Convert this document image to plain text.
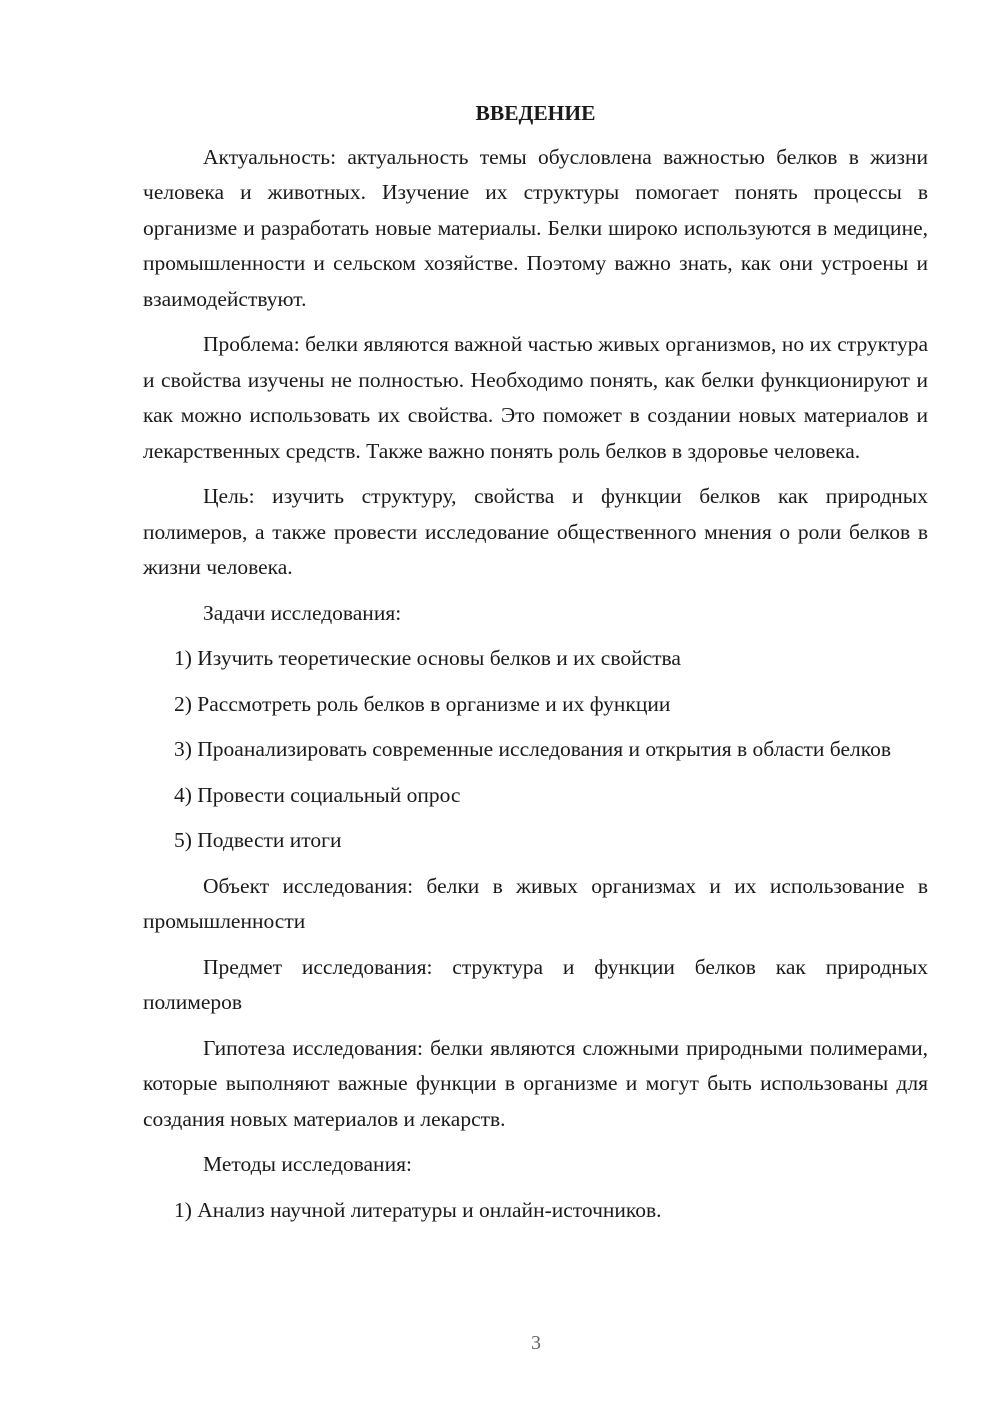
ВВЕДЕНИЕ

Актуальность: актуальность темы обусловлена важностью белков в жизни человека и животных. Изучение их структуры помогает понять процессы в организме и разработать новые материалы. Белки широко используются в медицине, промышленности и сельском хозяйстве. Поэтому важно знать, как они устроены и взаимодействуют.

Проблема: белки являются важной частью живых организмов, но их структура и свойства изучены не полностью. Необходимо понять, как белки функционируют и как можно использовать их свойства. Это поможет в создании новых материалов и лекарственных средств. Также важно понять роль белков в здоровье человека.

Цель: изучить структуру, свойства и функции белков как природных полимеров, а также провести исследование общественного мнения о роли белков в жизни человека.

Задачи исследования:

1) Изучить теоретические основы белков и их свойства

2) Рассмотреть роль белков в организме и их функции

3) Проанализировать современные исследования и открытия в области белков

4) Провести социальный опрос

5) Подвести итоги

Объект исследования: белки в живых организмах и их использование в промышленности

Предмет исследования: структура и функции белков как природных полимеров

Гипотеза исследования: белки являются сложными природными полимерами, которые выполняют важные функции в организме и могут быть использованы для создания новых материалов и лекарств.

Методы исследования:

1) Анализ научной литературы и онлайн-источников.

3
